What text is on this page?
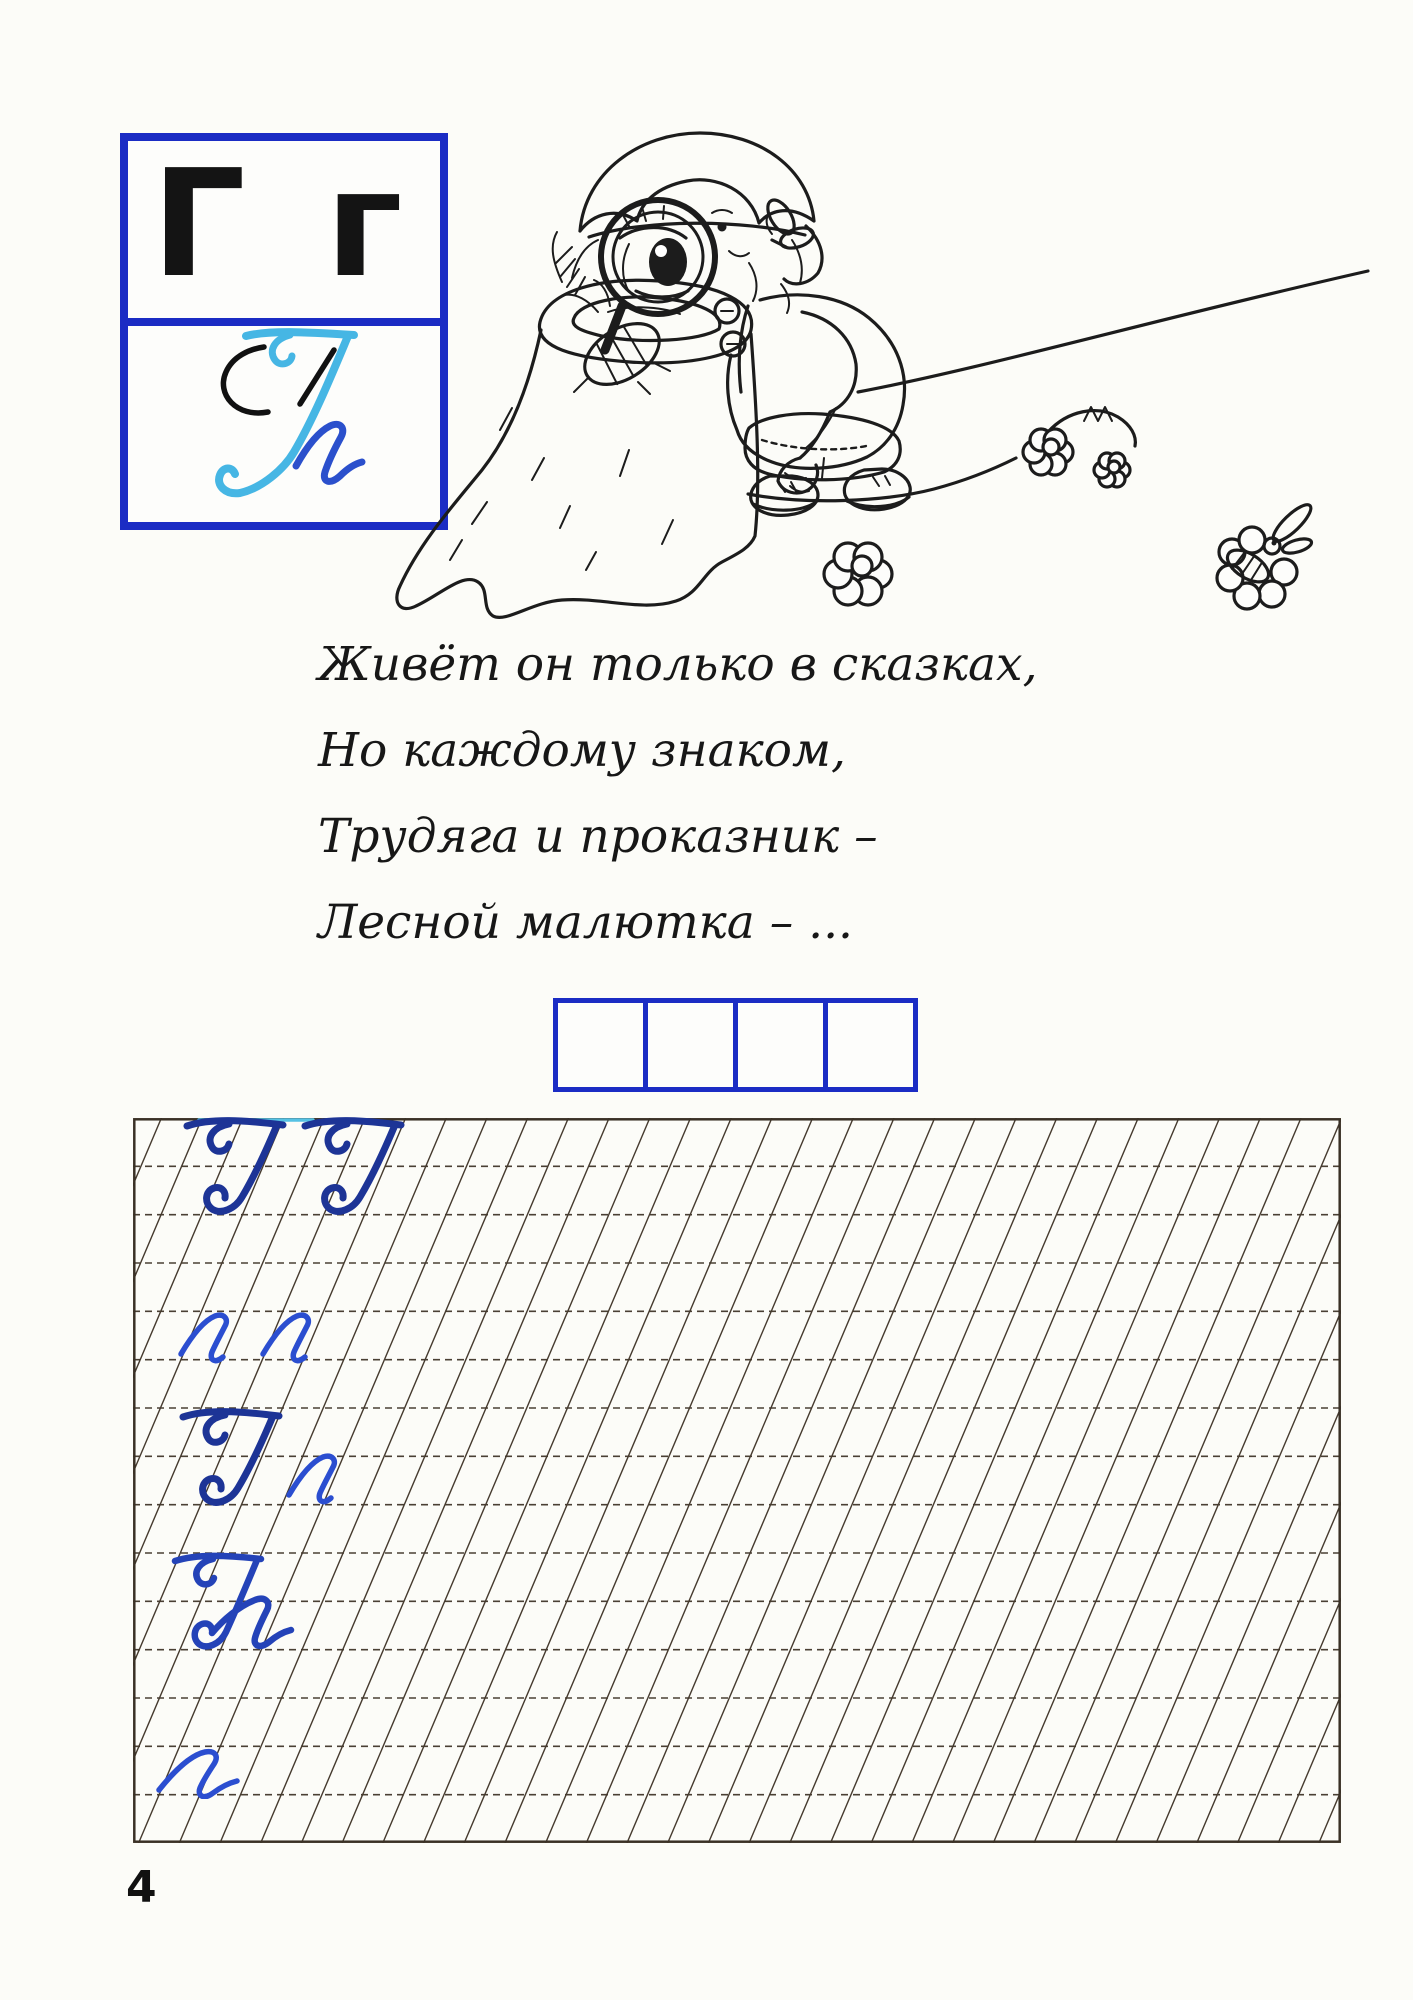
Г г

Живёт он только в сказках,

Но каждому знаком,

Трудяга и проказник –

Лесной малютка – ...

4
